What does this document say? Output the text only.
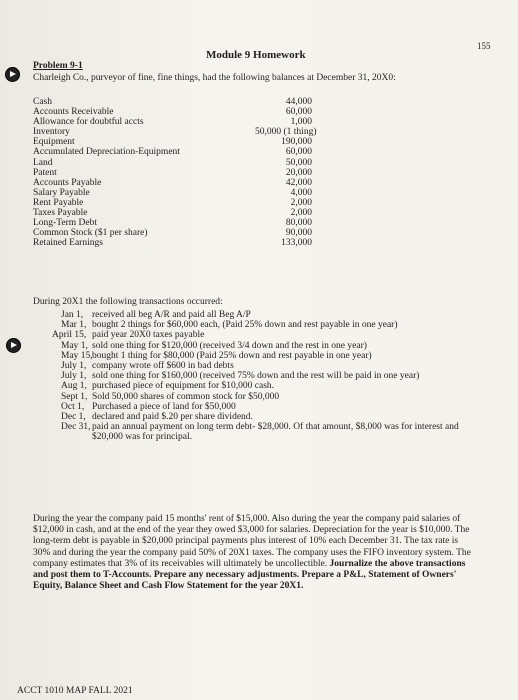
155
Module 9 Homework
Problem 9-1
Charleigh Co., purveyor of fine, fine things, had the following balances at December 31, 20X0:
Cash	44,000
Accounts Receivable	60,000
Allowance for doubtful accts	1,000
Inventory	50,000 (1 thing)
Equipment	190,000
Accumulated Depreciation-Equipment	60,000
Land	50,000
Patent	20,000
Accounts Payable	42,000
Salary Payable	4,000
Rent Payable	2,000
Taxes Payable	2,000
Long-Term Debt	80,000
Common Stock ($1 per share)	90,000
Retained Earnings	133,000
During 20X1 the following transactions occurred:
Jan 1, received all beg A/R and paid all Beg A/P
Mar 1, bought 2 things for $60,000 each, (Paid 25% down and rest payable in one year)
April 15, paid year 20X0 taxes payable
May 1, sold one thing for $120,000 (received 3/4 down and the rest in one year)
May 15, bought 1 thing for $80,000 (Paid 25% down and rest payable in one year)
July 1, company wrote off $600 in bad debts
July 1, sold one thing for $160,000 (received 75% down and the rest will be paid in one year)
Aug 1, purchased piece of equipment for $10,000 cash.
Sept 1, Sold 50,000 shares of common stock for $50,000
Oct 1, Purchased a piece of land for $50,000
Dec 1, declared and paid $.20 per share dividend.
Dec 31, paid an annual payment on long term debt- $28,000. Of that amount, $8,000 was for interest and $20,000 was for principal.
During the year the company paid 15 months' rent of $15,000. Also during the year the company paid salaries of $12,000 in cash, and at the end of the year they owed $3,000 for salaries. Depreciation for the year is $10,000. The long-term debt is payable in $20,000 principal payments plus interest of 10% each December 31. The tax rate is 30% and during the year the company paid 50% of 20X1 taxes. The company uses the FIFO inventory system. The company estimates that 3% of its receivables will ultimately be uncollectible. Journalize the above transactions and post them to T-Accounts. Prepare any necessary adjustments. Prepare a P&L, Statement of Owners' Equity, Balance Sheet and Cash Flow Statement for the year 20X1.
ACCT 1010 MAP FALL 2021
